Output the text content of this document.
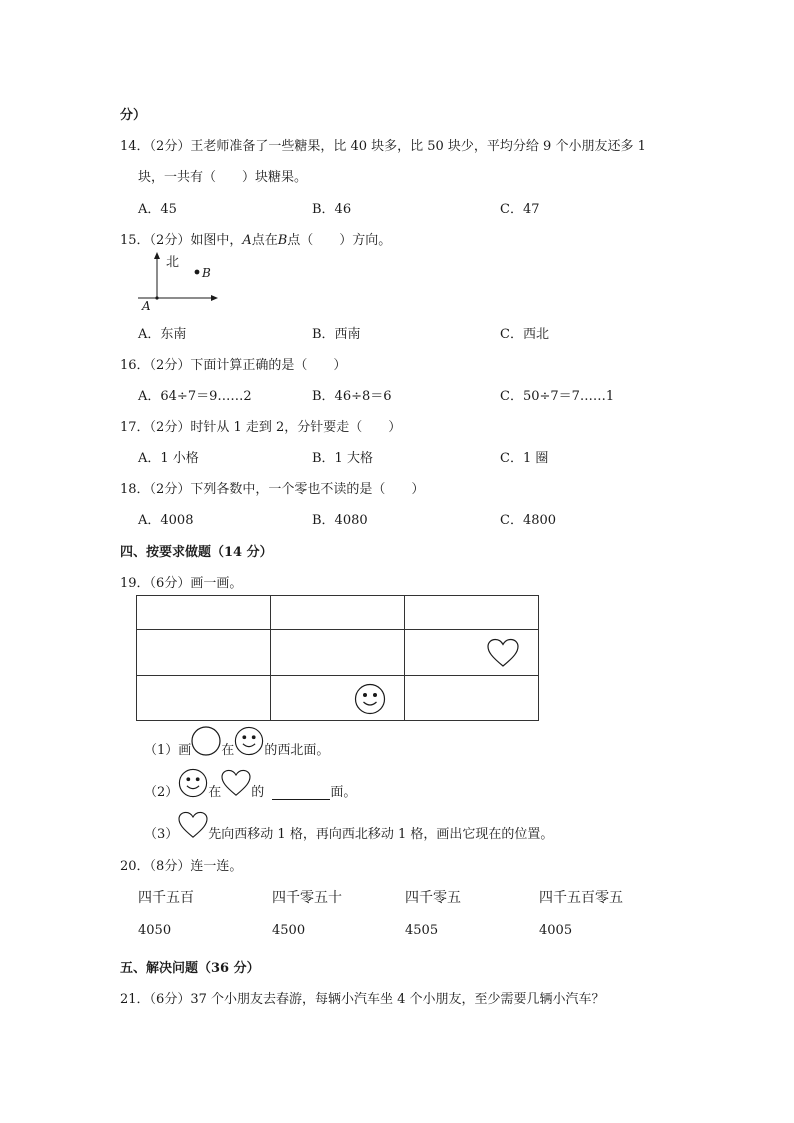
分）
14．（2分）王老师准备了一些糖果，比 40 块多，比 50 块少，平均分给 9 个小朋友还多 1
块，一共有（　　）块糖果。
A．45	B．46	C．47
15．（2分）如图中，A点在B点（　　）方向。
北
B
A
A．东南	B．西南	C．西北
16．（2分）下面计算正确的是（　　）
A．64÷7＝9……2	B．46÷8＝6	C．50÷7＝7……1
17．（2分）时针从 1 走到 2，分针要走（　　）
A．1 小格	B．1 大格	C．1 圈
18．（2分）下列各数中，一个零也不读的是（　　）
A．4008	B．4080	C．4800
四、按要求做题（14 分）
19．（6分）画一画。

（1） 画 在 的西北面。
（2） 在 的	面。
（3） 先向西移动 1 格，再向西北移动 1 格，画出它现在的位置。
20．（8分）连一连。
四千五百	四千零五十	四千零五	四千五百零五
4050	4500	4505	4005
五、解决问题（36 分）
21．（6分）37 个小朋友去春游，每辆小汽车坐 4 个小朋友，至少需要几辆小汽车？
